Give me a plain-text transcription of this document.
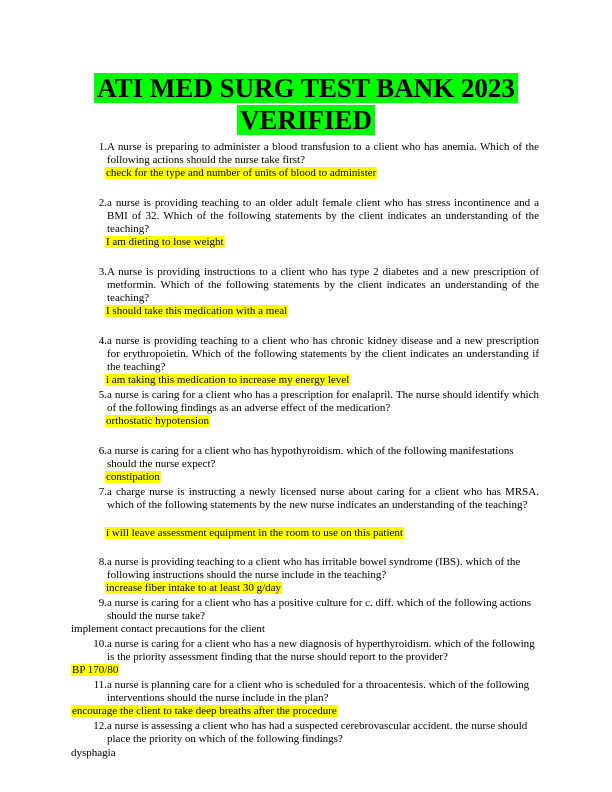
ATI MED SURG TEST BANK 2023
VERIFIED
1. A nurse is preparing to administer a blood transfusion to a client who has anemia. Which of the following actions should the nurse take first?
check for the type and number of units of blood to administer
2. a nurse is providing teaching to an older adult female client who has stress incontinence and a BMI of 32. Which of the following statements by the client indicates an understanding of the teaching?
I am dieting to lose weight
3. A nurse is providing instructions to a client who has type 2 diabetes and a new prescription of metformin. Which of the following statements by the client indicates an understanding of the teaching?
I should take this medication with a meal
4. a nurse is providing teaching to a client who has chronic kidney disease and a new prescription for erythropoietin. Which of the following statements by the client indicates an understanding if the teaching?
i am taking this medication to increase my energy level
5. a nurse is caring for a client who has a prescription for enalapril. The nurse should identify which of the following findings as an adverse effect of the medication?
orthostatic hypotension
6. a nurse is caring for a client who has hypothyroidism. which of the following manifestations should the nurse expect?
constipation
7. a charge nurse is instructing a newly licensed nurse about caring for a client who has MRSA. which of the following statements by the new nurse indicates an understanding of the teaching?
i will leave assessment equipment in the room to use on this patient
8. a nurse is providing teaching to a client who has irritable bowel syndrome (IBS). which of the following instructions should the nurse include in the teaching?
increase fiber intake to at least 30 g/day
9. a nurse is caring for a client who has a positive culture for c. diff. which of the following actions should the nurse take?
implement contact precautions for the client
10. a nurse is caring for a client who has a new diagnosis of hyperthyroidism. which of the following is the priority assessment finding that the nurse should report to the provider?
BP 170/80
11. a nurse is planning care for a client who is scheduled for a throacentesis. which of the following interventions should the nurse include in the plan?
encourage the client to take deep breaths after the procedure
12. a nurse is assessing a client who has had a suspected cerebrovascular accident. the nurse should place the priority on which of the following findings?
dysphagia
